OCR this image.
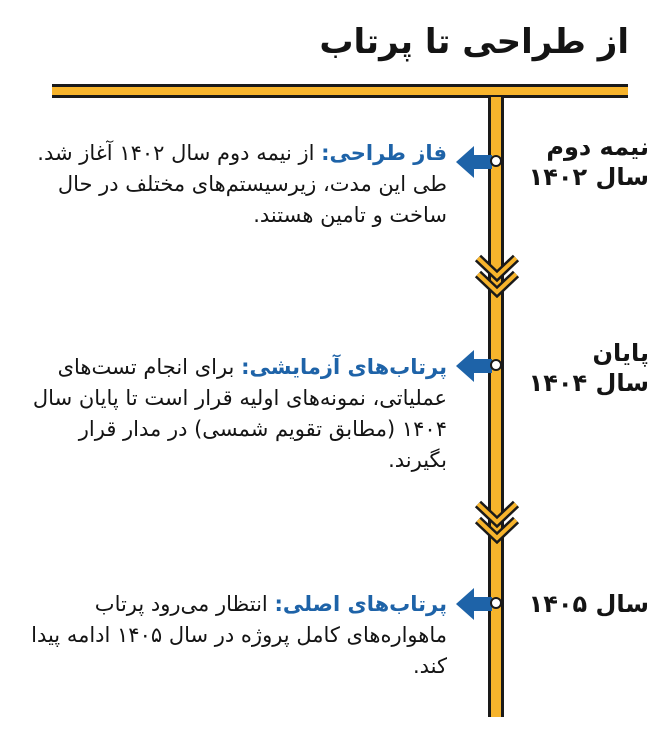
از طراحی تا پرتاب
نیمه دوم
سال ۱۴۰۲
فاز طراحی: از نیمه دوم سال ۱۴۰۲ آغاز شد. طی این مدت، زیرسیستم‌های مختلف در حال ساخت و تامین هستند.
پایان
سال ۱۴۰۴
پرتاب‌های آزمایشی: برای انجام تست‌های عملیاتی، نمونه‌های اولیه قرار است تا پایان سال ۱۴۰۴ (مطابق تقویم شمسی) در مدار قرار بگیرند.
سال ۱۴۰۵
پرتاب‌های اصلی: انتظار می‌رود پرتاب ماهواره‌های کامل پروژه در سال ۱۴۰۵ ادامه پیدا کند.
